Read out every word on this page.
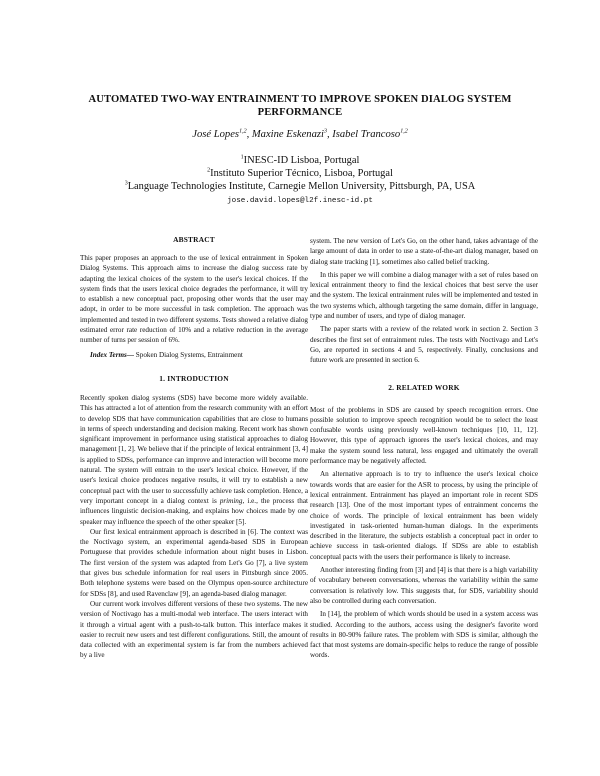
AUTOMATED TWO-WAY ENTRAINMENT TO IMPROVE SPOKEN DIALOG SYSTEM
PERFORMANCE
José Lopes$^{1,2}$, Maxine Eskenazi$^3$, Isabel Trancoso$^{1,2}$
$^1$INESC-ID Lisboa, Portugal
$^2$Instituto Superior Técnico, Lisboa, Portugal
$^3$Language Technologies Institute, Carnegie Mellon University, Pittsburgh, PA, USA
jose.david.lopes@l2f.inesc-id.pt
ABSTRACT

This paper proposes an approach to the use of lexical entrainment in Spoken Dialog Systems. This approach aims to increase the dialog success rate by adapting the lexical choices of the system to the user's lexical choices. If the system finds that the users lexical choice degrades the performance, it will try to establish a new conceptual pact, proposing other words that the user may adopt, in order to be more successful in task completion. The approach was implemented and tested in two different systems. Tests showed a relative dialog estimated error rate reduction of 10% and a relative reduction in the average number of turns per session of 6%.

Index Terms— Spoken Dialog Systems, Entrainment

1. INTRODUCTION

Recently spoken dialog systems (SDS) have become more widely available. This has attracted a lot of attention from the research community with an effort to develop SDS that have communication capabilities that are close to humans in terms of speech understanding and decision making. Recent work has shown significant improvement in performance using statistical approaches to dialog management [1, 2]. We believe that if the principle of lexical entrainment [3, 4] is applied to SDSs, performance can improve and interaction will become more natural. The system will entrain to the user's lexical choice. However, if the user's lexical choice produces negative results, it will try to establish a new conceptual pact with the user to successfully achieve task completion. Hence, a very important concept in a dialog context is priming, i.e., the process that influences linguistic decision-making, and explains how choices made by one speaker may influence the speech of the other speaker [5].

Our first lexical entrainment approach is described in [6]. The context was the Noctívago system, an experimental agenda-based SDS in European Portuguese that provides schedule information about night buses in Lisbon. The first version of the system was adapted from Let's Go [7], a live system that gives bus schedule information for real users in Pittsburgh since 2005. Both telephone systems were based on the Olympus open-source architecture for SDSs [8], and used Ravenclaw [9], an agenda-based dialog manager.

Our current work involves different versions of these two systems. The new version of Noctivago has a multi-modal web interface. The users interact with it through a virtual agent with a push-to-talk button. This interface makes it easier to recruit new users and test different configurations. Still, the amount of data collected with an experimental system is far from the numbers achieved by a live

system. The new version of Let's Go, on the other hand, takes advantage of the large amount of data in order to use a state-of-the-art dialog manager, based on dialog state tracking [1], sometimes also called belief tracking.

In this paper we will combine a dialog manager with a set of rules based on lexical entrainment theory to find the lexical choices that best serve the user and the system. The lexical entrainment rules will be implemented and tested in the two systems which, although targeting the same domain, differ in language, type and number of users, and type of dialog manager.

The paper starts with a review of the related work in section 2. Section 3 describes the first set of entrainment rules. The tests with Noctivago and Let's Go, are reported in sections 4 and 5, respectively. Finally, conclusions and future work are presented in section 6.

2. RELATED WORK

Most of the problems in SDS are caused by speech recognition errors. One possible solution to improve speech recognition would be to select the least confusable words using previously well-known techniques [10, 11, 12]. However, this type of approach ignores the user's lexical choices, and may make the system sound less natural, less engaged and ultimately the overall performance may be negatively affected.

An alternative approach is to try to influence the user's lexical choice towards words that are easier for the ASR to process, by using the principle of lexical entrainment. Entrainment has played an important role in recent SDS research [13]. One of the most important types of entrainment concerns the choice of words. The principle of lexical entrainment has been widely investigated in task-oriented human-human dialogs. In the experiments described in the literature, the subjects establish a conceptual pact in order to achieve success in task-oriented dialogs. If SDSs are able to establish conceptual pacts with the users their performance is likely to increase.

Another interesting finding from [3] and [4] is that there is a high variability of vocabulary between conversations, whereas the variability within the same conversation is relatively low. This suggests that, for SDS, variability should also be controlled during each conversation.

In [14], the problem of which words should be used in a system access was studied. According to the authors, access using the designer's favorite word results in 80-90% failure rates. The problem with SDS is similar, although the fact that most systems are domain-specific helps to reduce the range of possible words.
